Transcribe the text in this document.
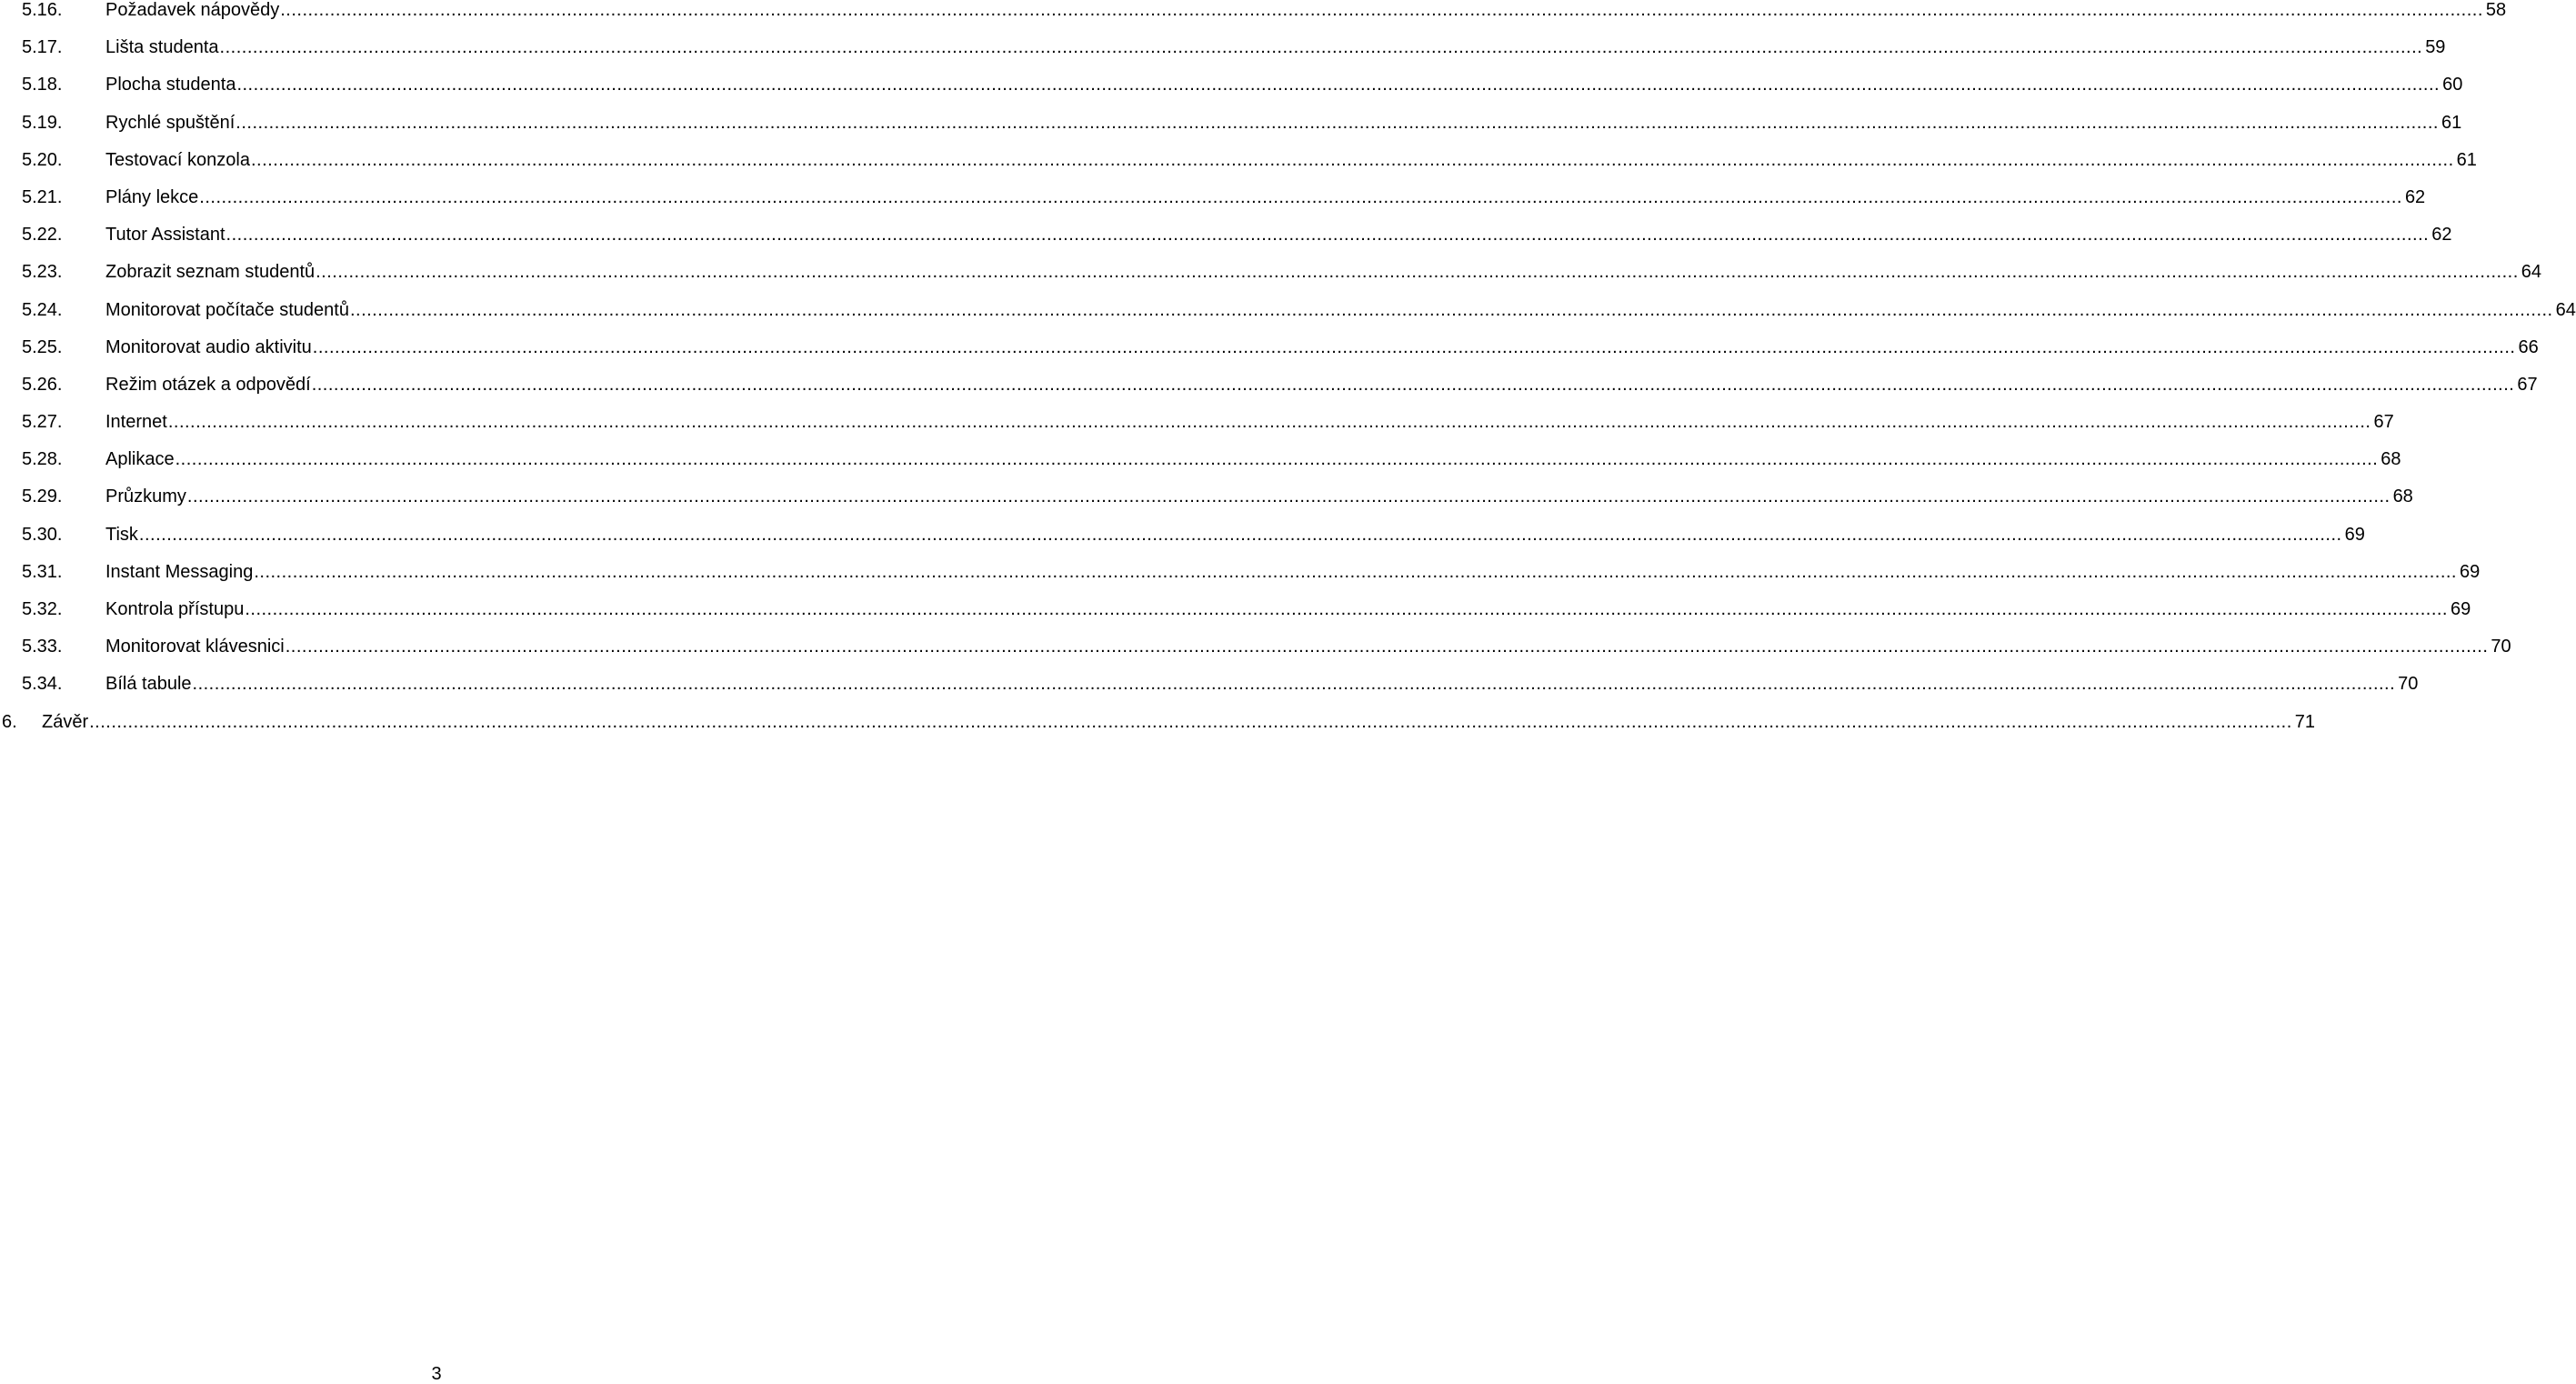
5.16. Požadavek nápovědy ................................................................................................................................................................................................................................................................................................................................................................................................................ 58
5.17. Lišta studenta ................................................................................................................................................................................................................................................................................................................................................................................................................ 59
5.18. Plocha studenta ................................................................................................................................................................................................................................................................................................................................................................................................................ 60
5.19. Rychlé spuštění ................................................................................................................................................................................................................................................................................................................................................................................................................ 61
5.20. Testovací konzola ................................................................................................................................................................................................................................................................................................................................................................................................................ 61
5.21. Plány lekce ................................................................................................................................................................................................................................................................................................................................................................................................................ 62
5.22. Tutor Assistant ................................................................................................................................................................................................................................................................................................................................................................................................................ 62
5.23. Zobrazit seznam studentů ................................................................................................................................................................................................................................................................................................................................................................................................................ 64
5.24. Monitorovat počítače studentů ................................................................................................................................................................................................................................................................................................................................................................................................................ 64
5.25. Monitorovat audio aktivitu ................................................................................................................................................................................................................................................................................................................................................................................................................ 66
5.26. Režim otázek a odpovědí ................................................................................................................................................................................................................................................................................................................................................................................................................ 67
5.27. Internet ................................................................................................................................................................................................................................................................................................................................................................................................................ 67
5.28. Aplikace ................................................................................................................................................................................................................................................................................................................................................................................................................ 68
5.29. Průzkumy ................................................................................................................................................................................................................................................................................................................................................................................................................ 68
5.30. Tisk ................................................................................................................................................................................................................................................................................................................................................................................................................ 69
5.31. Instant Messaging ................................................................................................................................................................................................................................................................................................................................................................................................................ 69
5.32. Kontrola přístupu ................................................................................................................................................................................................................................................................................................................................................................................................................ 69
5.33. Monitorovat klávesnici ................................................................................................................................................................................................................................................................................................................................................................................................................ 70
5.34. Bílá tabule ................................................................................................................................................................................................................................................................................................................................................................................................................ 70
6. Závěr ................................................................................................................................................................................................................................................................................................................................................................................................................ 71
3
